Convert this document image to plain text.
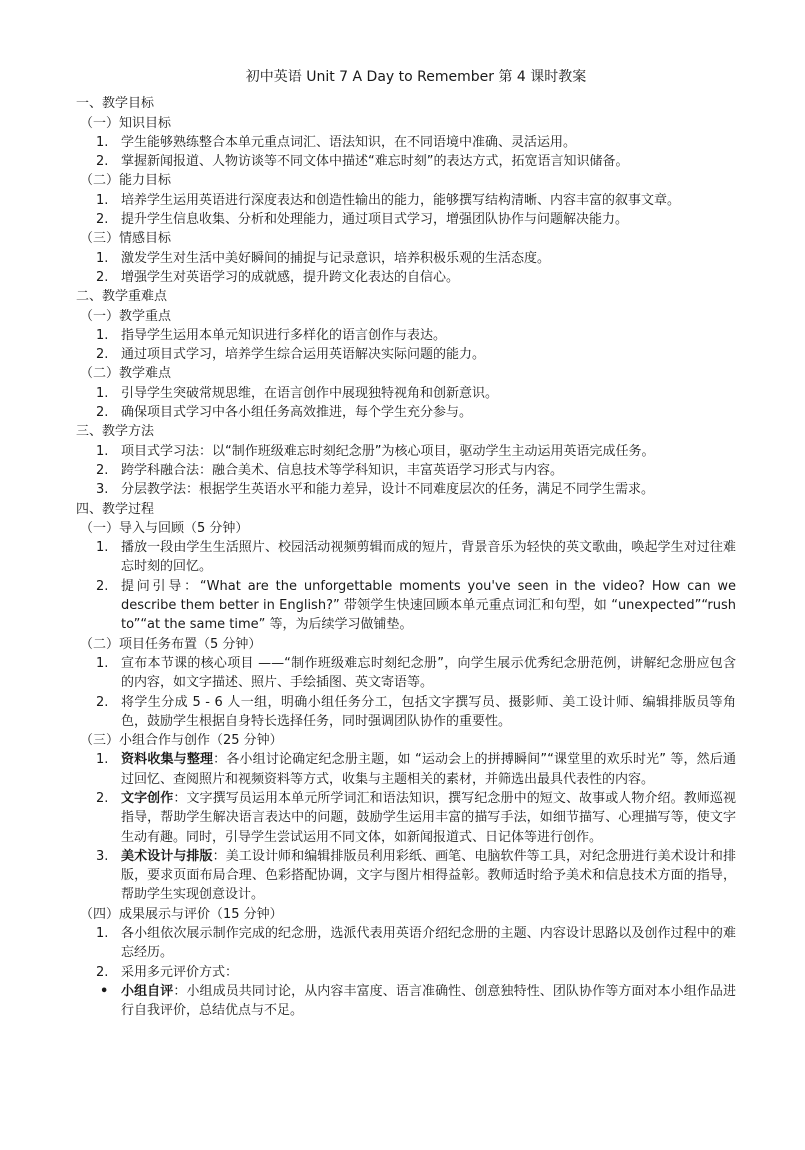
初中英语 Unit 7 A Day to Remember 第 4 课时教案
一、教学目标
（一）知识目标
1. 学生能够熟练整合本单元重点词汇、语法知识，在不同语境中准确、灵活运用。
2. 掌握新闻报道、人物访谈等不同文体中描述“难忘时刻”的表达方式，拓宽语言知识储备。
（二）能力目标
1. 培养学生运用英语进行深度表达和创造性输出的能力，能够撰写结构清晰、内容丰富的叙事文章。
2. 提升学生信息收集、分析和处理能力，通过项目式学习，增强团队协作与问题解决能力。
（三）情感目标
1. 激发学生对生活中美好瞬间的捕捉与记录意识，培养积极乐观的生活态度。
2. 增强学生对英语学习的成就感，提升跨文化表达的自信心。
二、教学重难点
（一）教学重点
1. 指导学生运用本单元知识进行多样化的语言创作与表达。
2. 通过项目式学习，培养学生综合运用英语解决实际问题的能力。
（二）教学难点
1. 引导学生突破常规思维，在语言创作中展现独特视角和创新意识。
2. 确保项目式学习中各小组任务高效推进，每个学生充分参与。
三、教学方法
1. 项目式学习法：以“制作班级难忘时刻纪念册”为核心项目，驱动学生主动运用英语完成任务。
2. 跨学科融合法：融合美术、信息技术等学科知识，丰富英语学习形式与内容。
3. 分层教学法：根据学生英语水平和能力差异，设计不同难度层次的任务，满足不同学生需求。
四、教学过程
（一）导入与回顾（5 分钟）
1. 播放一段由学生生活照片、校园活动视频剪辑而成的短片，背景音乐为轻快的英文歌曲，唤起学生对过往难忘时刻的回忆。
2. 提问引导：“What are the unforgettable moments you've seen in the video? How can we describe them better in English?” 带领学生快速回顾本单元重点词汇和句型，如 “unexpected”“rush to”“at the same time” 等，为后续学习做铺垫。
（二）项目任务布置（5 分钟）
1. 宣布本节课的核心项目 ——“制作班级难忘时刻纪念册”，向学生展示优秀纪念册范例，讲解纪念册应包含的内容，如文字描述、照片、手绘插图、英文寄语等。
2. 将学生分成 5 - 6 人一组，明确小组任务分工，包括文字撰写员、摄影师、美工设计师、编辑排版员等角色，鼓励学生根据自身特长选择任务，同时强调团队协作的重要性。
（三）小组合作与创作（25 分钟）
1. 资料收集与整理：各小组讨论确定纪念册主题，如 “运动会上的拼搏瞬间”“课堂里的欢乐时光” 等，然后通过回忆、查阅照片和视频资料等方式，收集与主题相关的素材，并筛选出最具代表性的内容。
2. 文字创作：文字撰写员运用本单元所学词汇和语法知识，撰写纪念册中的短文、故事或人物介绍。教师巡视指导，帮助学生解决语言表达中的问题，鼓励学生运用丰富的描写手法，如细节描写、心理描写等，使文字生动有趣。同时，引导学生尝试运用不同文体，如新闻报道式、日记体等进行创作。
3. 美术设计与排版：美工设计师和编辑排版员利用彩纸、画笔、电脑软件等工具，对纪念册进行美术设计和排版，要求页面布局合理、色彩搭配协调，文字与图片相得益彰。教师适时给予美术和信息技术方面的指导，帮助学生实现创意设计。
（四）成果展示与评价（15 分钟）
1. 各小组依次展示制作完成的纪念册，选派代表用英语介绍纪念册的主题、内容设计思路以及创作过程中的难忘经历。
2. 采用多元评价方式：
• 小组自评：小组成员共同讨论，从内容丰富度、语言准确性、创意独特性、团队协作等方面对本小组作品进行自我评价，总结优点与不足。
